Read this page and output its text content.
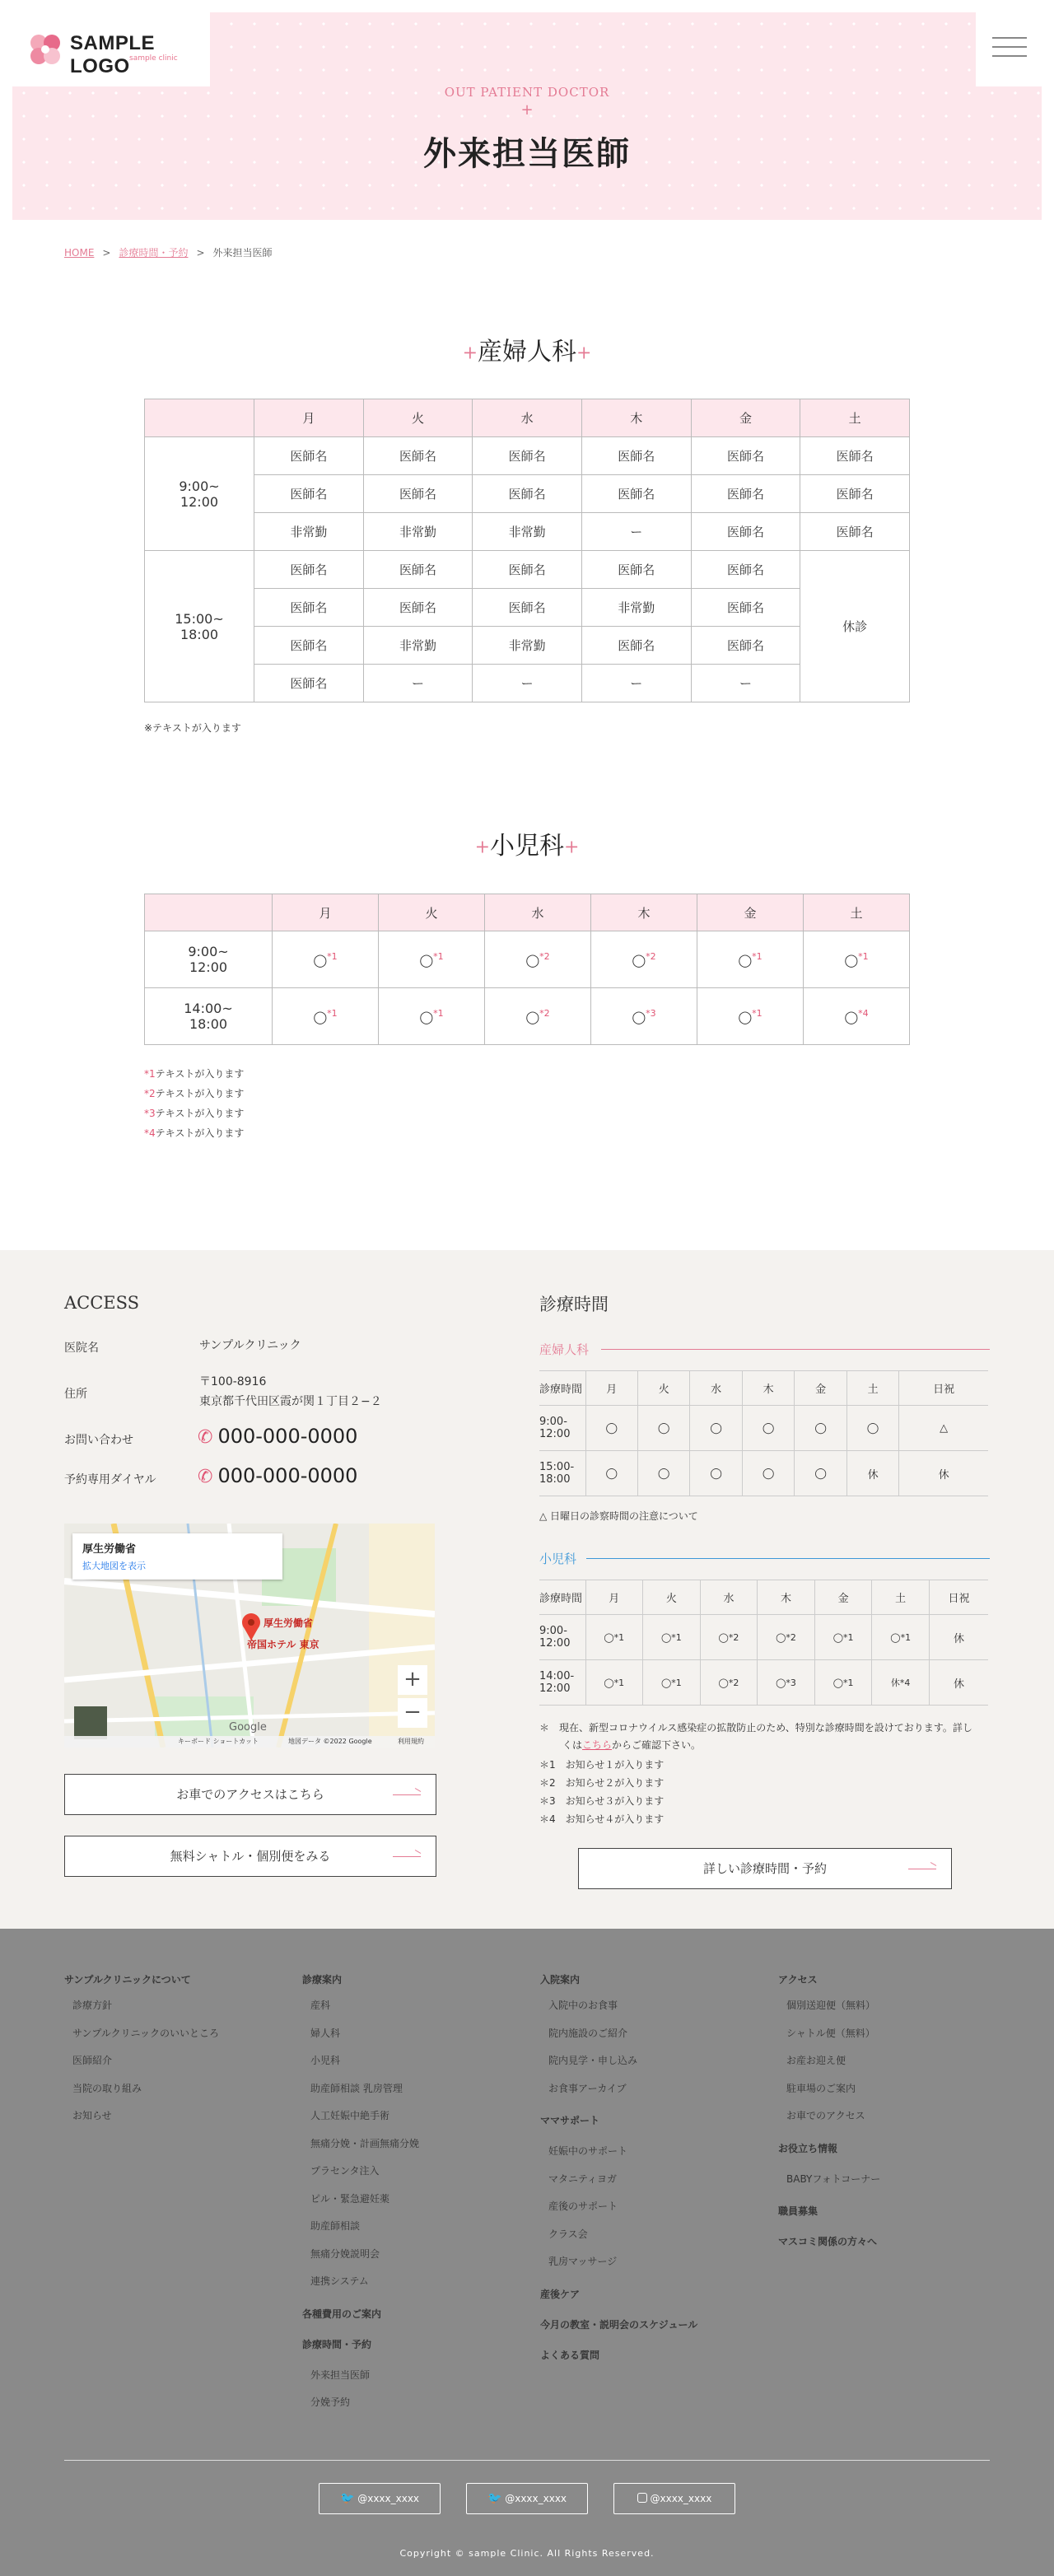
SAMPLE LOGO sample clinic
OUT PATIENT DOCTOR
+
外来担当医師
HOME > 診療時間・予約 > 外来担当医師
+産婦人科+
	月	火	水	木	金	土
9:00~
12:00	医師名	医師名	医師名	医師名	医師名	医師名
	医師名	医師名	医師名	医師名	医師名	医師名
	非常勤	非常勤	非常勤	ー	医師名	医師名
15:00~
18:00	医師名	医師名	医師名	医師名	医師名	休診
	医師名	医師名	医師名	非常勤	医師名	
	医師名	非常勤	非常勤	医師名	医師名	
	医師名	ー	ー	ー	ー	
※テキストが入ります
+小児科+
	月	火	水	木	金	土
9:00~
12:00	◯$^{*1}$	◯$^{*1}$	◯$^{*2}$	◯$^{*2}$	◯$^{*1}$	◯$^{*1}$
14:00~
18:00	◯$^{*1}$	◯$^{*1}$	◯$^{*2}$	◯$^{*3}$	◯$^{*1}$	◯$^{*4}$
*1テキストが入ります
*2テキストが入ります
*3テキストが入ります
*4テキストが入ります
ACCESS
医院名	サンプルクリニック
住所
〒100-8916
東京都千代田区霞が関１丁目２−２
お問い合わせ	✆ 000-000-0000
予約専用ダイヤル ✆ 000-000-0000
厚生労働省
拡大地図を表示
厚生労働省
帝国ホテル 東京
+
−
Google
キーボード ショートカット	地図データ ©2022 Google	利用規約
お車でのアクセスはこちら
無料シャトル・個別便をみる
診療時間
産婦人科
診療時間	月	火	水	木	金	土	日祝
9:00-12:00	◯	◯	◯	◯	◯	◯	△
15:00-18:00	◯	◯	◯	◯	◯	休	休
△ 日曜日の診察時間の注意について
小児科
診療時間	月	火	水	木	金	土	日祝
9:00-12:00	◯*1	◯*1	◯*2	◯*2	◯*1	◯*1	休
14:00-12:00	◯*1	◯*1	◯*2	◯*3	◯*1	休*4	休
＊　現在、新型コロナウイルス感染症の拡散防止のため、特別な診療時間を設けております。詳し
くはこちらからご確認下さい。
＊1　お知らせ１が入ります
＊2　お知らせ２が入ります
＊3　お知らせ３が入ります
＊4　お知らせ４が入ります
詳しい診療時間・予約
サンプルクリニックについて
診療方針
サンプルクリニックのいいところ
医師紹介
当院の取り組み
お知らせ
診療案内
産科
婦人科
小児科
助産師相談 乳房管理
人工妊娠中絶手術
無痛分娩・計画無痛分娩
プラセンタ注入
ピル・緊急避妊薬
助産師相談
無痛分娩説明会
連携システム
各種費用のご案内
診療時間・予約
外来担当医師
分娩予約
入院案内
入院中のお食事
院内施設のご紹介
院内見学・申し込み
お食事アーカイブ
ママサポート
妊娠中のサポート
マタニティヨガ
産後のサポート
クラス会
乳房マッサージ
産後ケア
今月の教室・説明会のスケジュール
よくある質問
アクセス
個別送迎便（無料）
シャトル便（無料）
お産お迎え便
駐車場のご案内
お車でのアクセス
お役立ち情報
BABYフォトコーナー
職員募集
マスコミ関係の方々へ
🐦 @xxxx_xxxx	🐦 @xxxx_xxxx	@xxxx_xxxx
Copyright © sample Clinic. All Rights Reserved.
